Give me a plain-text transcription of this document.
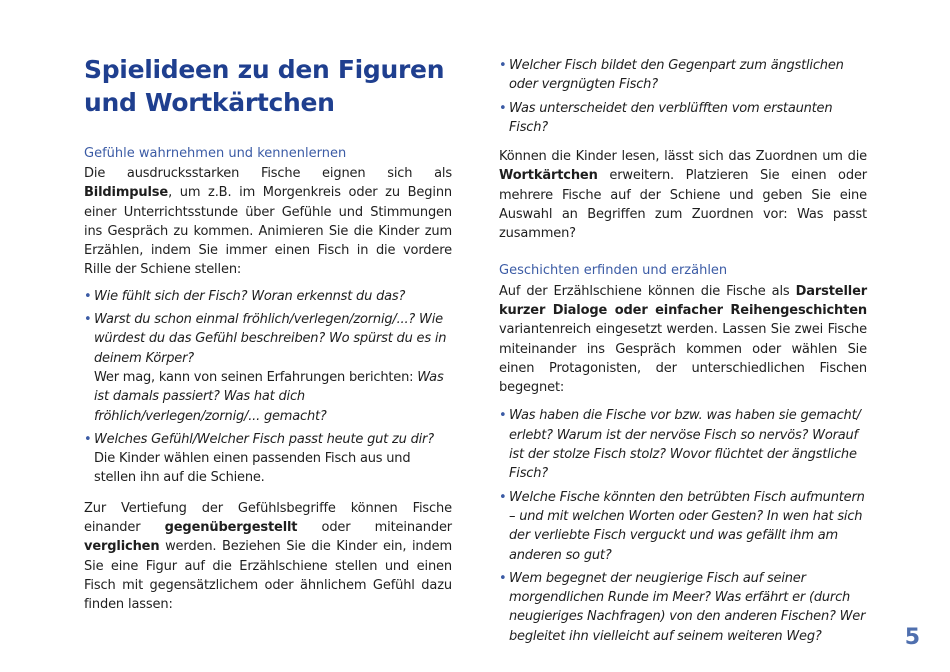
Spielideen zu den Figuren
und Wortkärtchen
Gefühle wahrnehmen und kennenlernen

Die ausdrucksstarken Fische eignen sich als Bildimpulse, um z.B. im Morgenkreis oder zu Beginn einer Unterrichtsstunde über Gefühle und Stimmungen ins Gespräch zu kommen. Animieren Sie die Kinder zum Erzählen, indem Sie immer einen Fisch in die vordere Rille der Schiene stellen:

• Wie fühlt sich der Fisch? Woran erkennst du das?
• Warst du schon einmal fröhlich/verlegen/zornig/...? Wie würdest du das Gefühl beschreiben? Wo spürst du es in deinem Körper?
Wer mag, kann von seinen Erfahrungen berichten: Was ist damals passiert? Was hat dich fröhlich/verlegen/zornig/... gemacht?
• Welches Gefühl/Welcher Fisch passt heute gut zu dir?
Die Kinder wählen einen passenden Fisch aus und stellen ihn auf die Schiene.

Zur Vertiefung der Gefühlsbegriffe können Fische einander gegenübergestellt oder miteinander verglichen werden. Beziehen Sie die Kinder ein, indem Sie eine Figur auf die Erzählschiene stellen und einen Fisch mit gegensätzlichem oder ähnlichem Gefühl dazu finden lassen:

• Welcher Fisch bildet den Gegenpart zum ängstlichen oder vergnügten Fisch?
• Was unterscheidet den verblüfften vom erstaunten Fisch?

Können die Kinder lesen, lässt sich das Zuordnen um die Wortkärtchen erweitern. Platzieren Sie einen oder mehrere Fische auf der Schiene und geben Sie eine Auswahl an Begriffen zum Zuordnen vor: Was passt zusammen?

Geschichten erfinden und erzählen

Auf der Erzählschiene können die Fische als Darsteller kurzer Dialoge oder einfacher Reihengeschichten variantenreich eingesetzt werden. Lassen Sie zwei Fische miteinander ins Gespräch kommen oder wählen Sie einen Protagonisten, der unterschiedlichen Fischen begegnet:

• Was haben die Fische vor bzw. was haben sie gemacht/ erlebt? Warum ist der nervöse Fisch so nervös? Worauf ist der stolze Fisch stolz? Wovor flüchtet der ängstliche Fisch?
• Welche Fische könnten den betrübten Fisch aufmuntern – und mit welchen Worten oder Gesten? In wen hat sich der verliebte Fisch verguckt und was gefällt ihm am anderen so gut?
• Wem begegnet der neugierige Fisch auf seiner morgendlichen Runde im Meer? Was erfährt er (durch neugieriges Nachfragen) von den anderen Fischen? Wer begleitet ihn vielleicht auf seinem weiteren Weg?	5
